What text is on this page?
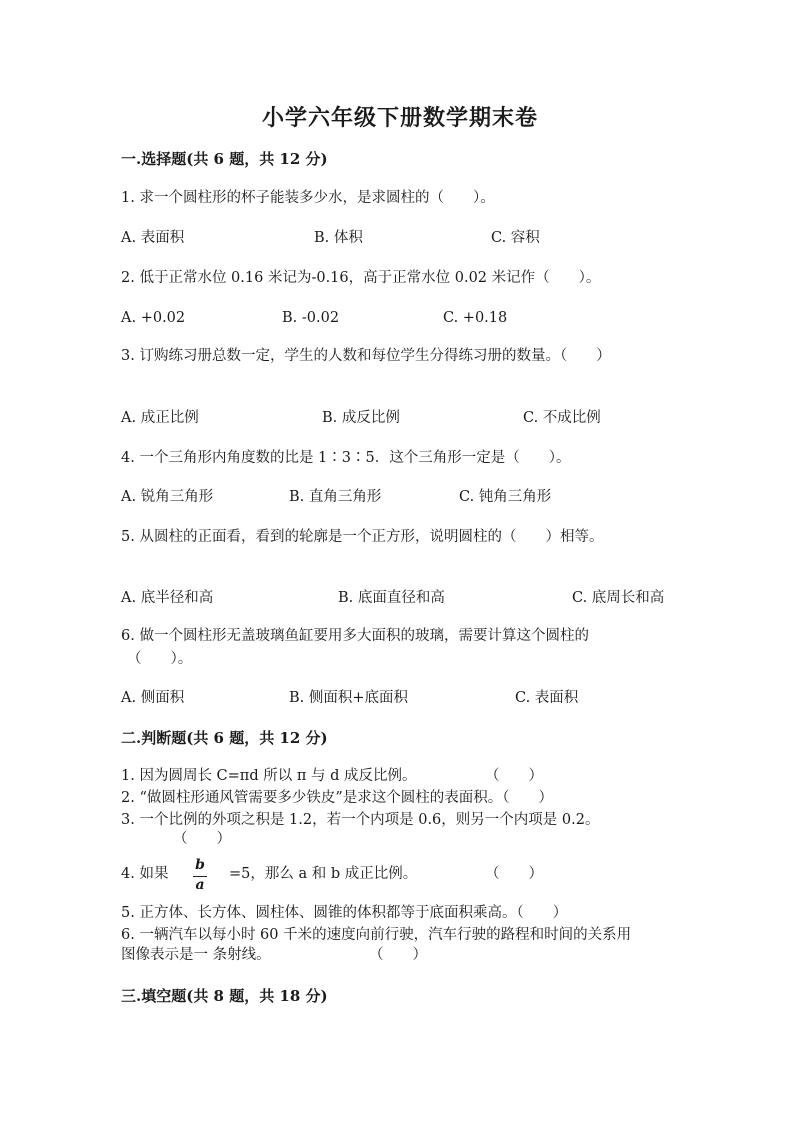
小学六年级下册数学期末卷
一.选择题(共 6 题，共 12 分)
1. 求一个圆柱形的杯子能装多少水，是求圆柱的（　　）。
A. 表面积	B. 体积	C. 容积
2. 低于正常水位 0.16 米记为-0.16，高于正常水位 0.02 米记作（　　）。
A. +0.02	B. -0.02	C. +0.18
3. 订购练习册总数一定，学生的人数和每位学生分得练习册的数量。（　　）
A. 成正比例	B. 成反比例	C. 不成比例
4. 一个三角形内角度数的比是 1∶3∶5．这个三角形一定是（　　）。
A. 锐角三角形	B. 直角三角形	C. 钝角三角形
5. 从圆柱的正面看，看到的轮廓是一个正方形，说明圆柱的（　　）相等。
A. 底半径和高	B. 底面直径和高	C. 底周长和高
6. 做一个圆柱形无盖玻璃鱼缸要用多大面积的玻璃，需要计算这个圆柱的
（　　）。
A. 侧面积	B. 侧面积+底面积	C. 表面积
二.判断题(共 6 题，共 12 分)
1. 因为圆周长 C=πd 所以 π 与 d 成反比例。	（　　）
2. “做圆柱形通风管需要多少铁皮”是求这个圆柱的表面积。（　　）
3. 一个比例的外项之积是 1.2，若一个内项是 0.6，则另一个内项是 0.2。
（　　）
4. 如果
b
a
=5，那么 a 和 b 成正比例。	（　　）
5. 正方体、长方体、圆柱体、圆锥的体积都等于底面积乘高。（　　）
6. 一辆汽车以每小时 60 千米的速度向前行驶，汽车行驶的路程和时间的关系用
图像表示是一 条射线。	（　　）
三.填空题(共 8 题，共 18 分)
